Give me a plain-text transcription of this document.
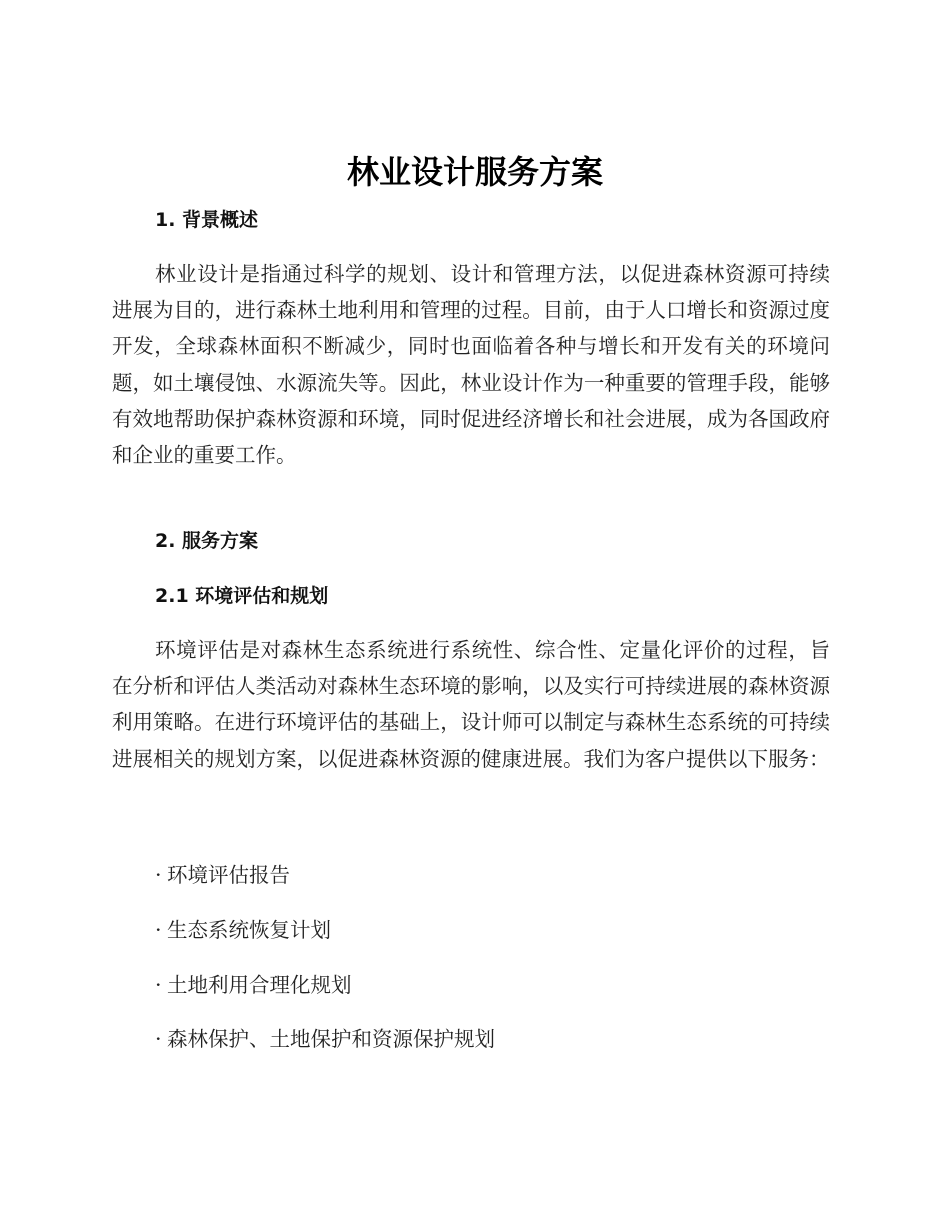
林业设计服务方案
1. 背景概述

林业设计是指通过科学的规划、设计和管理方法，以促进森林资源可持续进展为目的，进行森林土地利用和管理的过程。目前，由于人口增长和资源过度开发，全球森林面积不断减少，同时也面临着各种与增长和开发有关的环境问题，如土壤侵蚀、水源流失等。因此，林业设计作为一种重要的管理手段，能够有效地帮助保护森林资源和环境，同时促进经济增长和社会进展，成为各国政府和企业的重要工作。

2. 服务方案
2.1 环境评估和规划

环境评估是对森林生态系统进行系统性、综合性、定量化评价的过程，旨在分析和评估人类活动对森林生态环境的影响，以及实行可持续进展的森林资源利用策略。在进行环境评估的基础上，设计师可以制定与森林生态系统的可持续进展相关的规划方案，以促进森林资源的健康进展。我们为客户提供以下服务：

· 环境评估报告

· 生态系统恢复计划

· 土地利用合理化规划

· 森林保护、土地保护和资源保护规划
